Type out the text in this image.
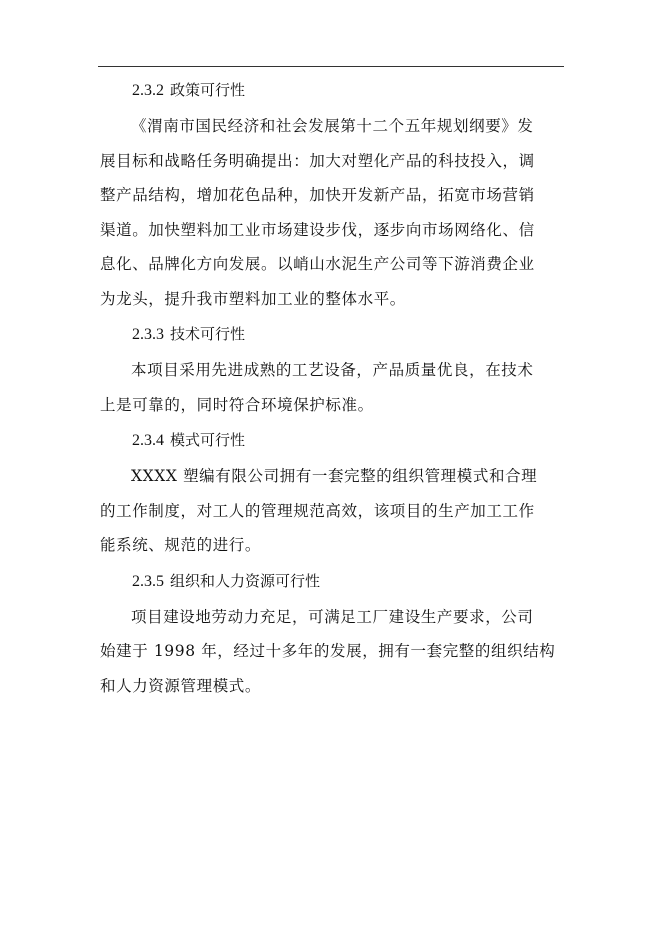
2.3.2 政策可行性
《渭南市国民经济和社会发展第十二个五年规划纲要》发
展目标和战略任务明确提出：加大对塑化产品的科技投入，调
整产品结构，增加花色品种，加快开发新产品，拓宽市场营销
渠道。加快塑料加工业市场建设步伐，逐步向市场网络化、信
息化、品牌化方向发展。以峭山水泥生产公司等下游消费企业
为龙头，提升我市塑料加工业的整体水平。
2.3.3 技术可行性
本项目采用先进成熟的工艺设备，产品质量优良，在技术
上是可靠的，同时符合环境保护标准。
2.3.4 模式可行性
XXXX 塑编有限公司拥有一套完整的组织管理模式和合理
的工作制度，对工人的管理规范高效，该项目的生产加工工作
能系统、规范的进行。
2.3.5 组织和人力资源可行性
项目建设地劳动力充足，可满足工厂建设生产要求，公司
始建于 1998 年，经过十多年的发展，拥有一套完整的组织结构
和人力资源管理模式。
